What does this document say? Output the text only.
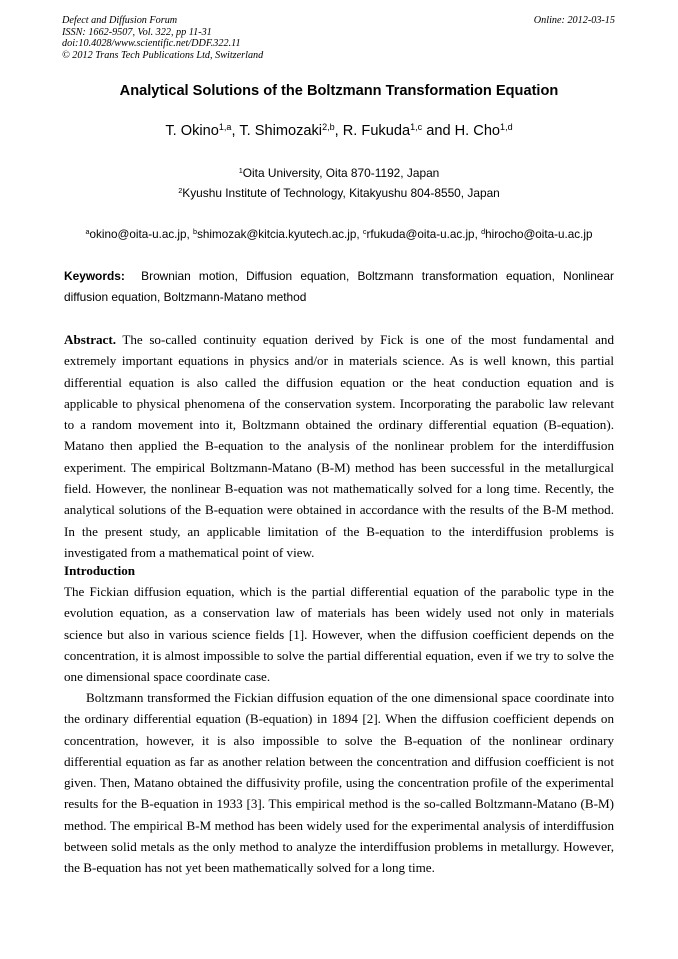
Defect and Diffusion Forum
ISSN: 1662-9507, Vol. 322, pp 11-31
doi:10.4028/www.scientific.net/DDF.322.11
© 2012 Trans Tech Publications Ltd, Switzerland
Online: 2012-03-15
Analytical Solutions of the Boltzmann Transformation Equation
T. Okino$^{1,a}$, T. Shimozaki$^{2,b}$, R. Fukuda$^{1,c}$ and H. Cho$^{1,d}$
$^1$Oita University, Oita 870-1192, Japan
$^2$Kyushu Institute of Technology, Kitakyushu 804-8550, Japan
$^a$okino@oita-u.ac.jp, $^b$shimozak@kitcia.kyutech.ac.jp, $^c$rfukuda@oita-u.ac.jp, $^d$hirocho@oita-u.ac.jp
Keywords: Brownian motion, Diffusion equation, Boltzmann transformation equation, Nonlinear diffusion equation, Boltzmann-Matano method
Abstract. The so-called continuity equation derived by Fick is one of the most fundamental and extremely important equations in physics and/or in materials science. As is well known, this partial differential equation is also called the diffusion equation or the heat conduction equation and is applicable to physical phenomena of the conservation system. Incorporating the parabolic law relevant to a random movement into it, Boltzmann obtained the ordinary differential equation (B-equation). Matano then applied the B-equation to the analysis of the nonlinear problem for the interdiffusion experiment. The empirical Boltzmann-Matano (B-M) method has been successful in the metallurgical field. However, the nonlinear B-equation was not mathematically solved for a long time. Recently, the analytical solutions of the B-equation were obtained in accordance with the results of the B-M method. In the present study, an applicable limitation of the B-equation to the interdiffusion problems is investigated from a mathematical point of view.
Introduction
The Fickian diffusion equation, which is the partial differential equation of the parabolic type in the evolution equation, as a conservation law of materials has been widely used not only in materials science but also in various science fields [1]. However, when the diffusion coefficient depends on the concentration, it is almost impossible to solve the partial differential equation, even if we try to solve the one dimensional space coordinate case.
Boltzmann transformed the Fickian diffusion equation of the one dimensional space coordinate into the ordinary differential equation (B-equation) in 1894 [2]. When the diffusion coefficient depends on concentration, however, it is also impossible to solve the B-equation of the nonlinear ordinary differential equation as far as another relation between the concentration and diffusion coefficient is not given. Then, Matano obtained the diffusivity profile, using the concentration profile of the experimental results for the B-equation in 1933 [3]. This empirical method is the so-called Boltzmann-Matano (B-M) method. The empirical B-M method has been widely used for the experimental analysis of interdiffusion between solid metals as the only method to analyze the interdiffusion problems in metallurgy. However, the B-equation has not yet been mathematically solved for a long time.
